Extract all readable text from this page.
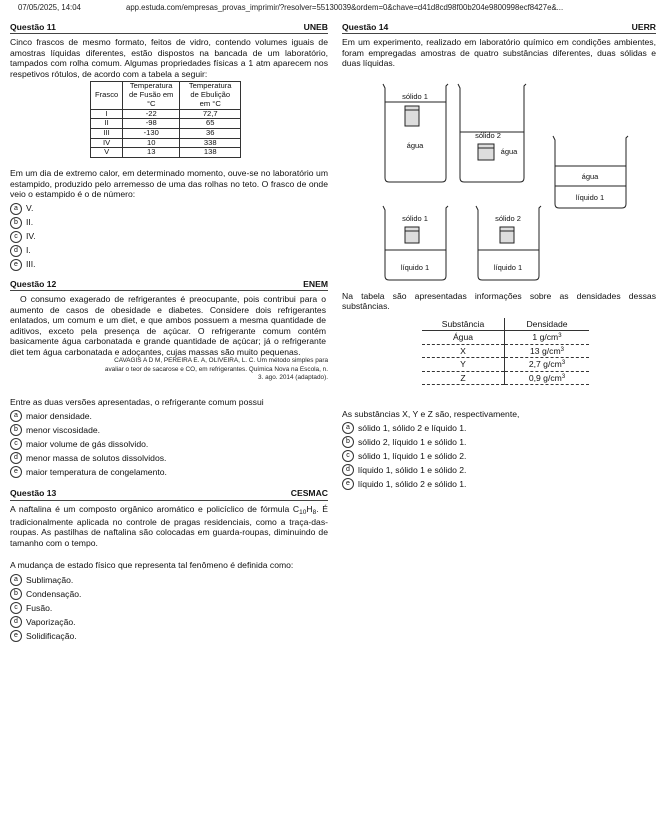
07/05/2025, 14:04	app.estuda.com/empresas_provas_imprimir/?resolver=55130039&ordem=0&chave=d41d8cd98f00b204e9800998ecf8427e&...
Questão 11	UNEB

Cinco frascos de mesmo formato, feitos de vidro, contendo volumes iguais de amostras líquidas diferentes, estão dispostos na bancada de um laboratório, tampados com rolha comum. Algumas propriedades físicas a 1 atm aparecem nos respetivos rótulos, de acordo com a tabela a seguir:

Frasco	Temperatura de Fusão em °C	Temperatura de Ebulição em °C
I	-22	72,7
II	-98	65
III	-130	36
IV	10	338
V	13	138

Em um dia de extremo calor, em determinado momento, ouve-se no laboratório um estampido, produzido pelo arremesso de uma das rolhas no teto. O frasco de onde veio o estampido é o de número:

a V.
b II.
c IV.
d I.
e III.
Questão 12	ENEM

O consumo exagerado de refrigerantes é preocupante, pois contribui para o aumento de casos de obesidade e diabetes. Considere dois refrigerantes enlatados, um comum e um diet, e que ambos possuem a mesma quantidade de aditivos, exceto pela presença de açúcar. O refrigerante comum contém basicamente água carbonatada e grande quantidade de açúcar; já o refrigerante diet tem água carbonatada e adoçantes, cujas massas são muito pequenas.

CAVAGIS A D M, PEREIRA E. A, OLIVEIRA, L. C. Um método simples para
avaliar o teor de sacarose e CO, em refrigerantes. Química Nova na Escola, n.
3. ago. 2014 (adaptado).

Entre as duas versões apresentadas, o refrigerante comum possui

a maior densidade.
b menor viscosidade.
c maior volume de gás dissolvido.
d menor massa de solutos dissolvidos.
e maior temperatura de congelamento.
Questão 13	CESMAC

A naftalina é um composto orgânico aromático e policíclico de fórmula $C_{10}H_8$. É tradicionalmente aplicada no controle de pragas residenciais, como a traça-das-roupas. As pastilhas de naftalina são colocadas em guarda-roupas, diminuindo de tamanho com o tempo.

A mudança de estado físico que representa tal fenômeno é definida como:

a Sublimação.
b Condensação.
c Fusão.
d Vaporização.
e Solidificação.
Questão 14	UERR

Em um experimento, realizado em laboratório químico em condições ambientes, foram empregadas amostras de quatro substâncias diferentes, duas sólidas e duas líquidas.

sólido 1
água
sólido 2
água
água
líquido 1
sólido 1
líquido 1
sólido 2
líquido 1

Na tabela são apresentadas informações sobre as densidades dessas substâncias.

Substância	Densidade
Água	1 $g/cm^3$
X	13 $g/cm^3$
Y	2,7 $g/cm^3$
Z	0,9 $g/cm^3$

As substâncias X, Y e Z são, respectivamente,

a sólido 1, sólido 2 e líquido 1.
b sólido 2, líquido 1 e sólido 1.
c sólido 1, líquido 1 e sólido 2.
d líquido 1, sólido 1 e sólido 2.
e líquido 1, sólido 2 e sólido 1.
